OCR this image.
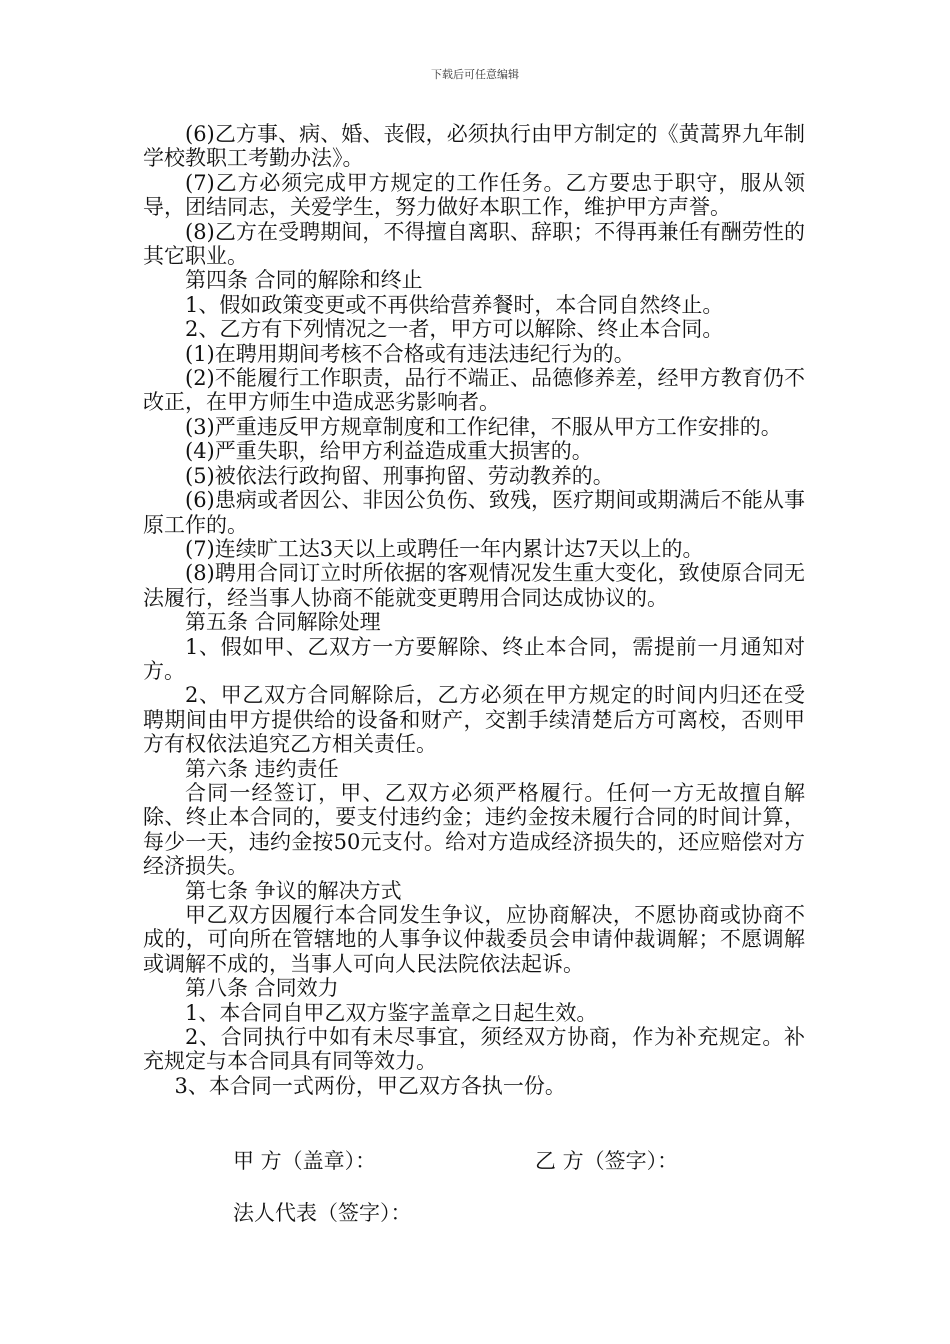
下载后可任意编辑

(6)乙方事、病、婚、丧假，必须执行由甲方制定的《黄蒿界九年制学校教职工考勤办法》。

(7)乙方必须完成甲方规定的工作任务。乙方要忠于职守，服从领导，团结同志，关爱学生，努力做好本职工作，维护甲方声誉。

(8)乙方在受聘期间，不得擅自离职、辞职；不得再兼任有酬劳性的其它职业。

第四条 合同的解除和终止

1、假如政策变更或不再供给营养餐时，本合同自然终止。

2、乙方有下列情况之一者，甲方可以解除、终止本合同。

(1)在聘用期间考核不合格或有违法违纪行为的。

(2)不能履行工作职责，品行不端正、品德修养差，经甲方教育仍不改正，在甲方师生中造成恶劣影响者。

(3)严重违反甲方规章制度和工作纪律，不服从甲方工作安排的。

(4)严重失职，给甲方利益造成重大损害的。

(5)被依法行政拘留、刑事拘留、劳动教养的。

(6)患病或者因公、非因公负伤、致残，医疗期间或期满后不能从事原工作的。

(7)连续旷工达3天以上或聘任一年内累计达7天以上的。

(8)聘用合同订立时所依据的客观情况发生重大变化，致使原合同无法履行，经当事人协商不能就变更聘用合同达成协议的。

第五条 合同解除处理

1、假如甲、乙双方一方要解除、终止本合同，需提前一月通知对方。

2、甲乙双方合同解除后，乙方必须在甲方规定的时间内归还在受聘期间由甲方提供给的设备和财产，交割手续清楚后方可离校，否则甲方有权依法追究乙方相关责任。

第六条 违约责任

合同一经签订，甲、乙双方必须严格履行。任何一方无故擅自解除、终止本合同的，要支付违约金；违约金按未履行合同的时间计算，每少一天，违约金按50元支付。给对方造成经济损失的，还应赔偿对方经济损失。

第七条 争议的解决方式

甲乙双方因履行本合同发生争议，应协商解决，不愿协商或协商不成的，可向所在管辖地的人事争议仲裁委员会申请仲裁调解；不愿调解或调解不成的，当事人可向人民法院依法起诉。

第八条 合同效力

1、本合同自甲乙双方鉴字盖章之日起生效。

2、合同执行中如有未尽事宜，须经双方协商，作为补充规定。补充规定与本合同具有同等效力。

3、本合同一式两份，甲乙双方各执一份。

甲 方（盖章）：	乙 方（签字）：
法人代表（签字）：
